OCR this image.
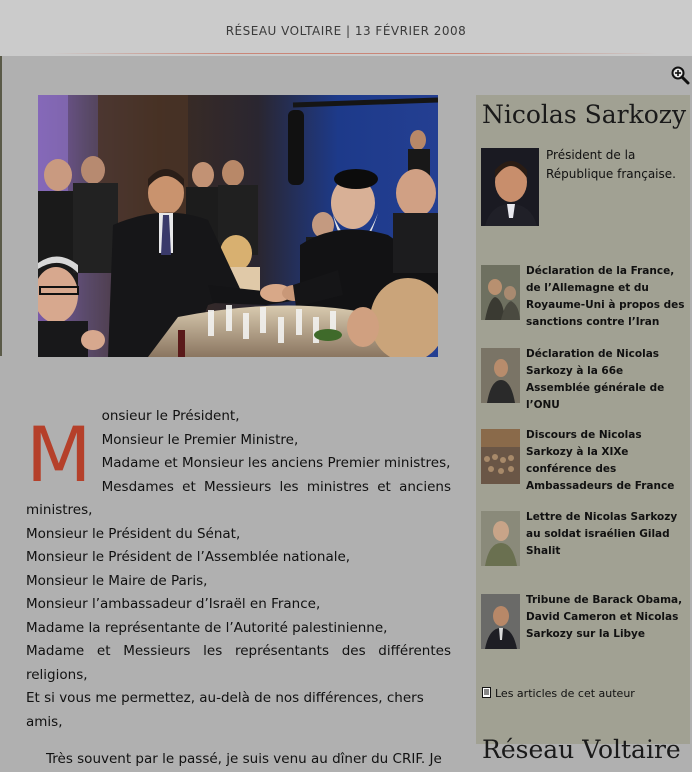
RÉSEAU VOLTAIRE | 13 FÉVRIER 2008
M onsieur le Président,
Monsieur le Premier Ministre,
Madame et Monsieur les anciens Premier ministres,

Mesdames et Messieurs les ministres et anciens ministres,

Monsieur le Président du Sénat,
Monsieur le Président de l’Assemblée nationale,
Monsieur le Maire de Paris,
Monsieur l’ambassadeur d’Israël en France,
Madame la représentante de l’Autorité palestinienne,

Madame et Messieurs les représentants des différentes religions,

Et si vous me permettez, au-delà de nos différences, chers amis,

Très souvent par le passé, je suis venu au dîner du CRIF. Je

Nicolas Sarkozy
Président de la République française.
Déclaration de la France, de l’Allemagne et du Royaume-Uni à propos des sanctions contre l’Iran
Déclaration de Nicolas Sarkozy à la 66e Assemblée générale de l’ONU
Discours de Nicolas Sarkozy à la XIXe conférence des Ambassadeurs de France
Lettre de Nicolas Sarkozy au soldat israélien Gilad Shalit
Tribune de Barack Obama, David Cameron et Nicolas Sarkozy sur la Libye
Les articles de cet auteur
Réseau Voltaire
